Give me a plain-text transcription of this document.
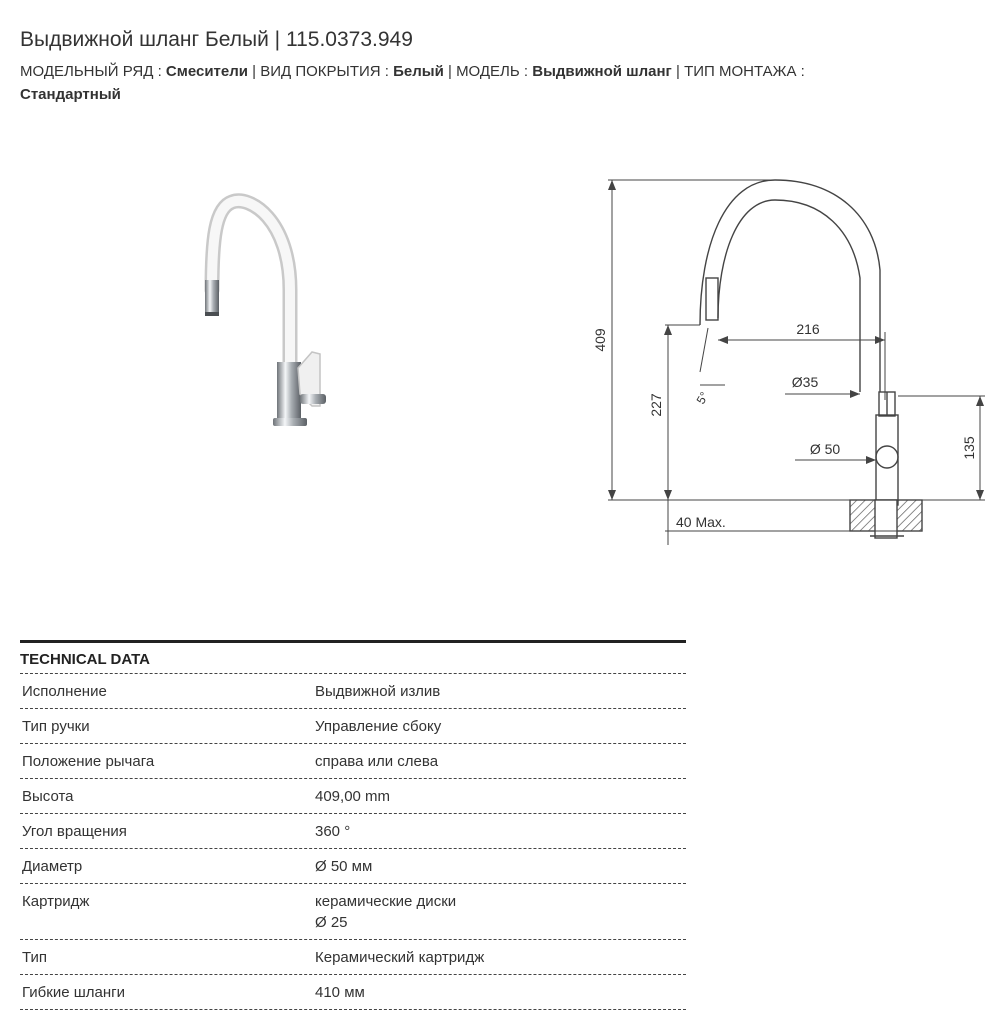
Выдвижной шланг Белый | 115.0373.949
МОДЕЛЬНЫЙ РЯД : Смесители | ВИД ПОКРЫТИЯ : Белый | МОДЕЛЬ : Выдвижной шланг | ТИП МОНТАЖА :
Стандартный
409
227
216
Ø35
Ø 50	135
5°
40 Max.
TECHNICAL DATA
Исполнение	Выдвижной излив
Тип ручки	Управление сбоку
Положение рычага	справа или слева
Высота	409,00 mm
Угол вращения	360 °
Диаметр	Ø 50 мм
Картридж	керамические диски
Ø 25
Тип	Керамический картридж
Гибкие шланги	410 мм
